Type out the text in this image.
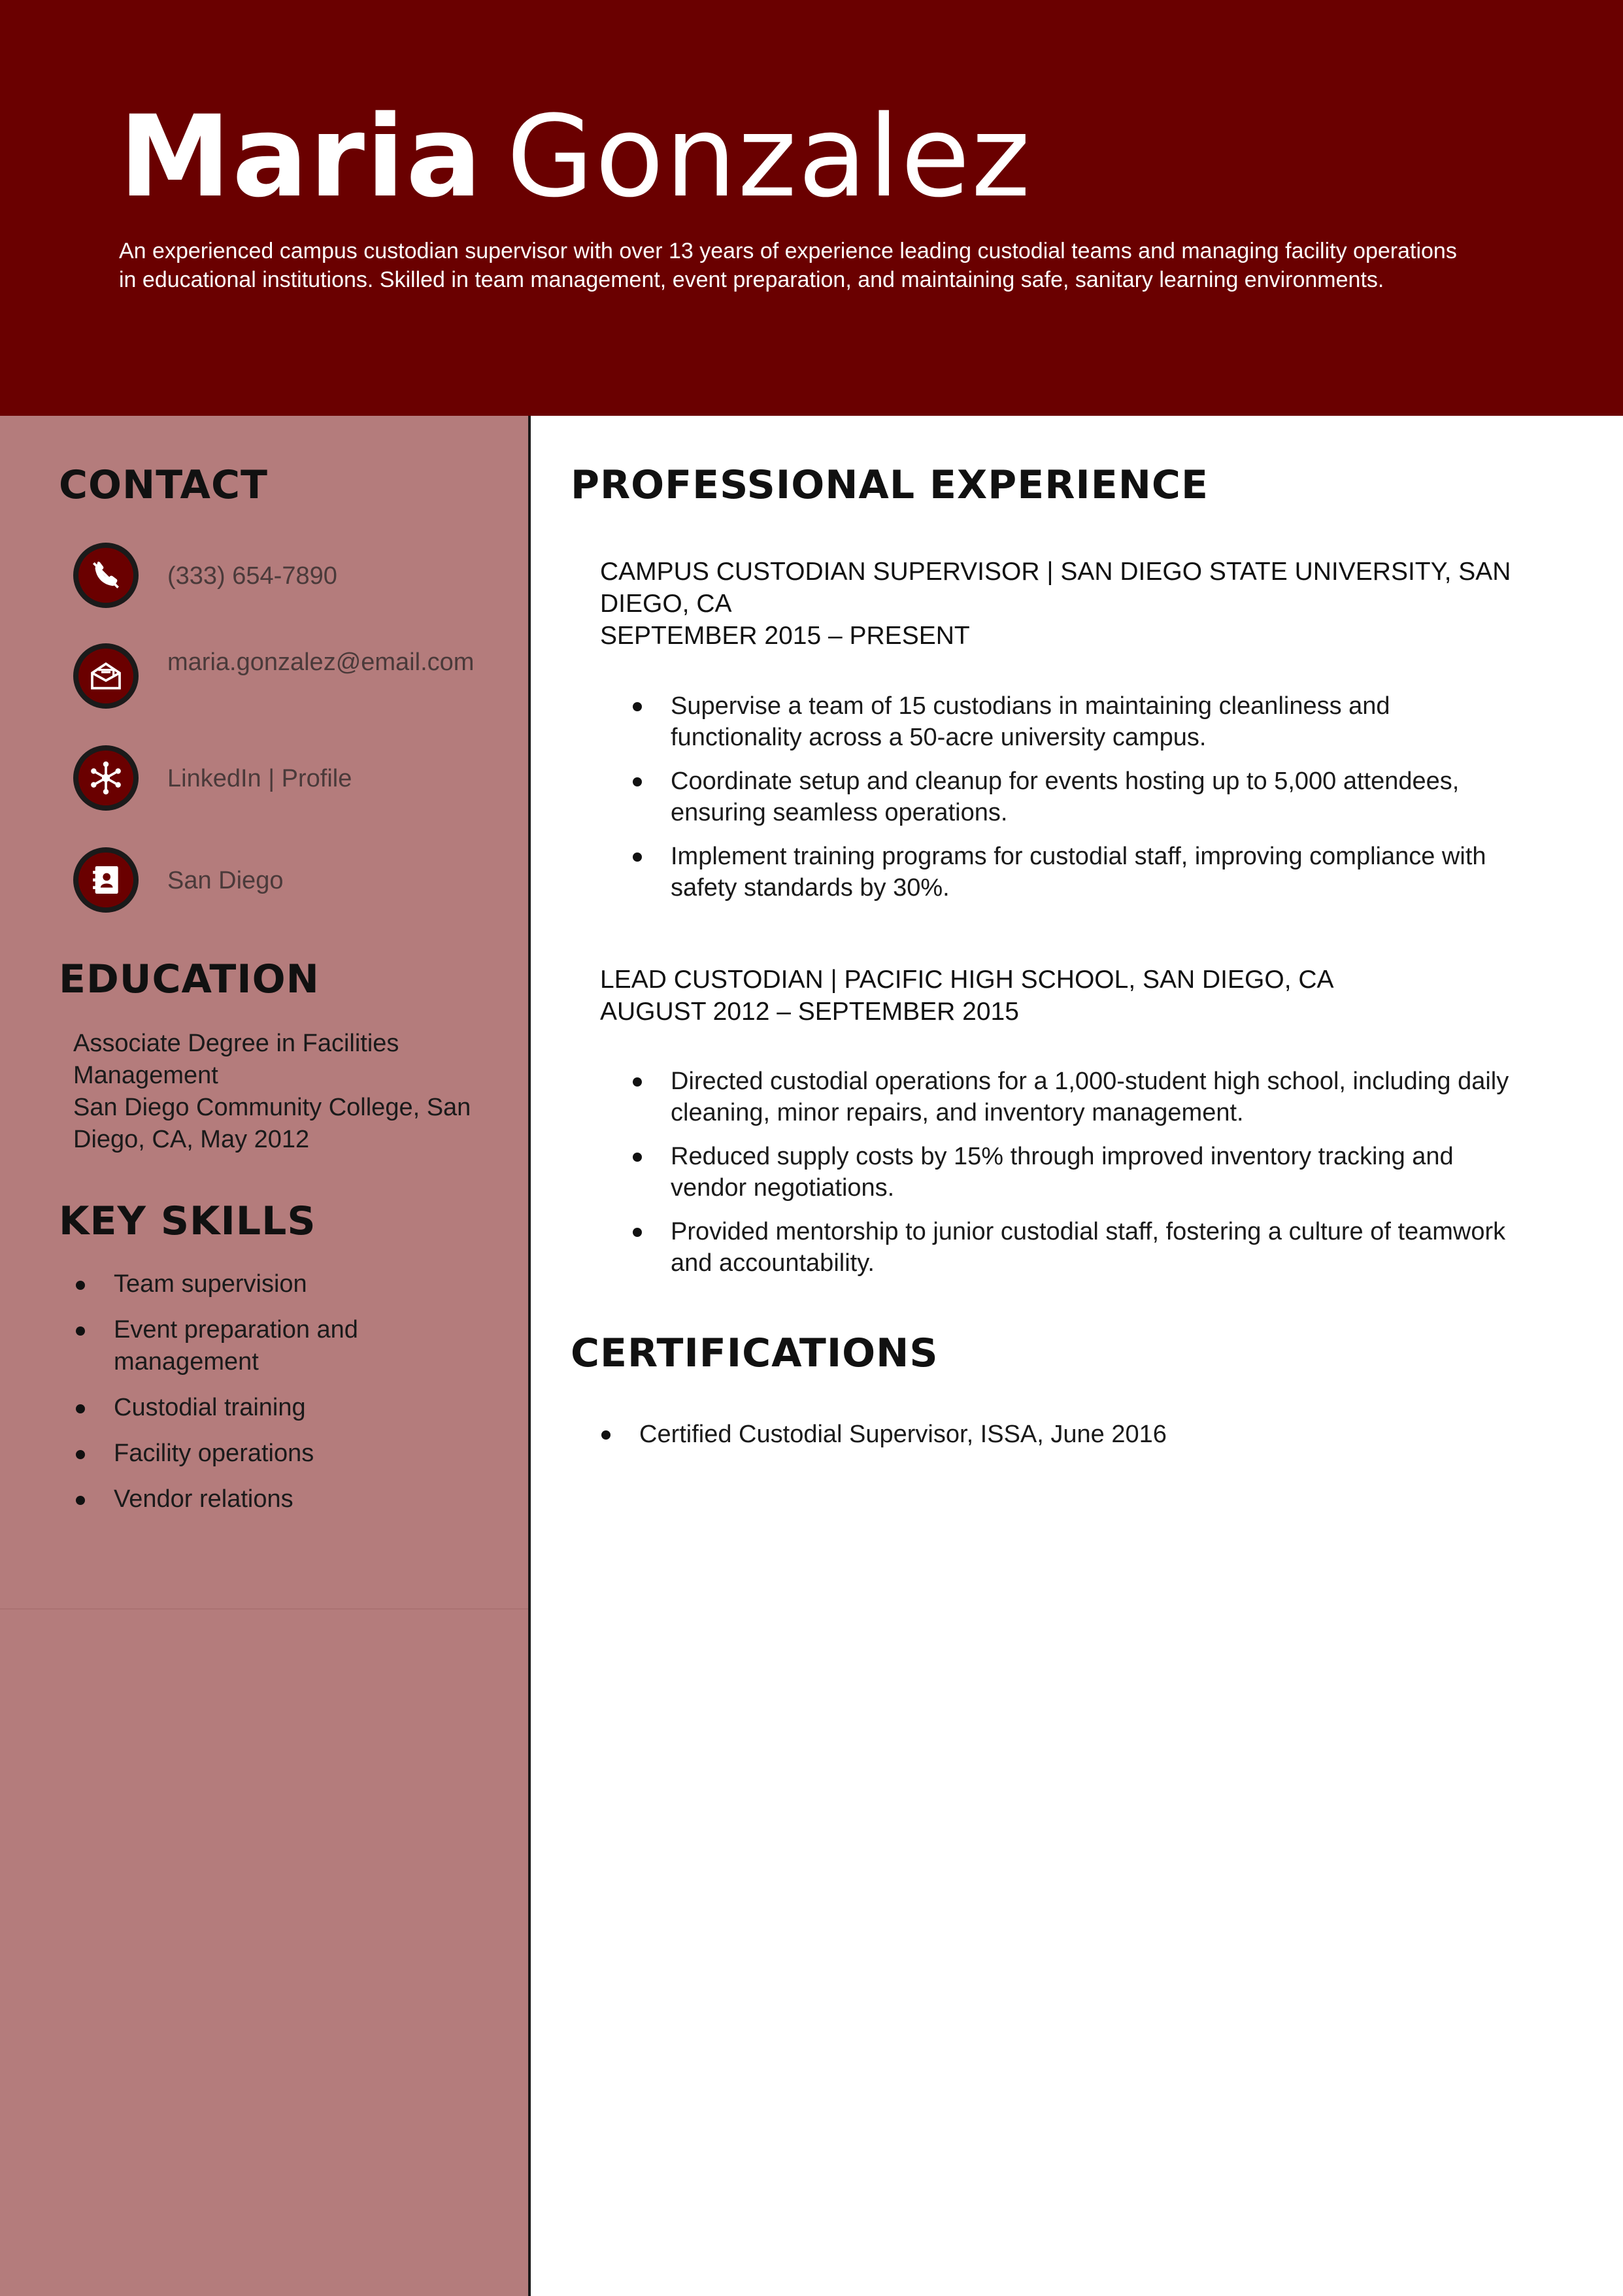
Maria Gonzalez

An experienced campus custodian supervisor with over 13 years of experience leading custodial teams and managing facility operations in educational institutions. Skilled in team management, event preparation, and maintaining safe, sanitary learning environments.

CONTACT
(333) 654-7890
maria.gonzalez@email.com
LinkedIn | Profile
San Diego
EDUCATION
Associate Degree in Facilities Management
San Diego Community College, San Diego, CA, May 2012
KEY SKILLS
Team supervision
Event preparation and management
Custodial training
Facility operations
Vendor relations
PROFESSIONAL EXPERIENCE
CAMPUS CUSTODIAN SUPERVISOR | SAN DIEGO STATE UNIVERSITY, SAN DIEGO, CA
SEPTEMBER 2015 – PRESENT
Supervise a team of 15 custodians in maintaining cleanliness and functionality across a 50-acre university campus.
Coordinate setup and cleanup for events hosting up to 5,000 attendees, ensuring seamless operations.
Implement training programs for custodial staff, improving compliance with safety standards by 30%.
LEAD CUSTODIAN | PACIFIC HIGH SCHOOL, SAN DIEGO, CA
AUGUST 2012 – SEPTEMBER 2015
Directed custodial operations for a 1,000-student high school, including daily cleaning, minor repairs, and inventory management.
Reduced supply costs by 15% through improved inventory tracking and vendor negotiations.
Provided mentorship to junior custodial staff, fostering a culture of teamwork and accountability.
CERTIFICATIONS
Certified Custodial Supervisor, ISSA, June 2016
